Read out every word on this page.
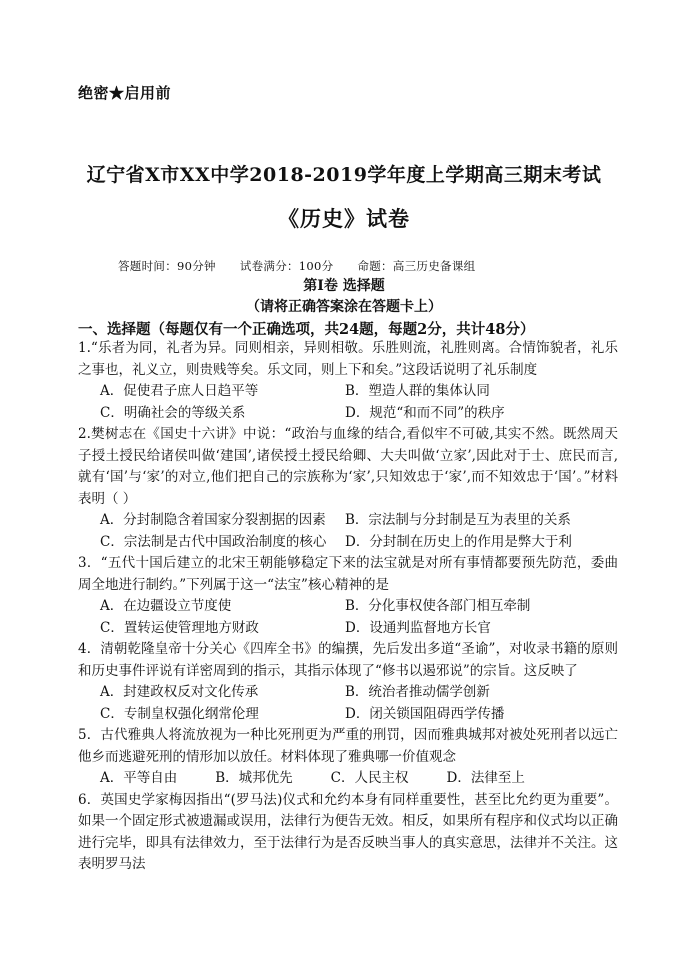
绝密★启用前
辽宁省X市XX中学2018-2019学年度上学期高三期末考试
《历史》试卷
答题时间：90分钟 试卷满分：100分 命题：高三历史备课组
第Ⅰ卷 选择题
（请将正确答案涂在答题卡上）
一、选择题（每题仅有一个正确选项，共24题，每题2分，共计48分）

1.“乐者为同，礼者为异。同则相亲，异则相敬。乐胜则流，礼胜则离。合情饰貌者，礼乐之事也，礼义立，则贵贱等矣。乐文同，则上下和矣。”这段话说明了礼乐制度

A．促使君子庶人日趋平等	B．塑造人群的集体认同
C．明确社会的等级关系	D．规范“和而不同”的秩序

2.樊树志在《国史十六讲》中说：“政治与血缘的结合,看似牢不可破,其实不然。既然周天子授土授民给诸侯叫做‘建国’,诸侯授土授民给卿、大夫叫做‘立家’,因此对于士、庶民而言,就有‘国’与‘家’的对立,他们把自己的宗族称为‘家’,只知效忠于‘家’,而不知效忠于‘国’。”材料表明（ ）

A．分封制隐含着国家分裂割据的因素	B．宗法制与分封制是互为表里的关系
C．宗法制是古代中国政治制度的核心	D．分封制在历史上的作用是弊大于利

3．“五代十国后建立的北宋王朝能够稳定下来的法宝就是对所有事情都要预先防范，委曲周全地进行制约。”下列属于这一“法宝”核心精神的是

A．在边疆设立节度使	B．分化事权使各部门相互牵制
C．置转运使管理地方财政	D．设通判监督地方长官

4．清朝乾隆皇帝十分关心《四库全书》的编撰，先后发出多道“圣谕”，对收录书籍的原则和历史事件评说有详密周到的指示，其指示体现了“修书以遏邪说”的宗旨。这反映了

A．封建政权反对文化传承	B．统治者推动儒学创新
C．专制皇权强化纲常伦理	D．闭关锁国阻碍西学传播

5．古代雅典人将流放视为一种比死刑更为严重的刑罚，因而雅典城邦对被处死刑者以远亡他乡而逃避死刑的情形加以放任。材料体现了雅典哪一价值观念

A．平等自由	B．城邦优先	C．人民主权	D．法律至上

6．英国史学家梅因指出“(罗马法)仪式和允约本身有同样重要性，甚至比允约更为重要”。如果一个固定形式被遗漏或误用，法律行为便告无效。相反，如果所有程序和仪式均以正确进行完毕，即具有法律效力，至于法律行为是否反映当事人的真实意思，法律并不关注。这表明罗马法
